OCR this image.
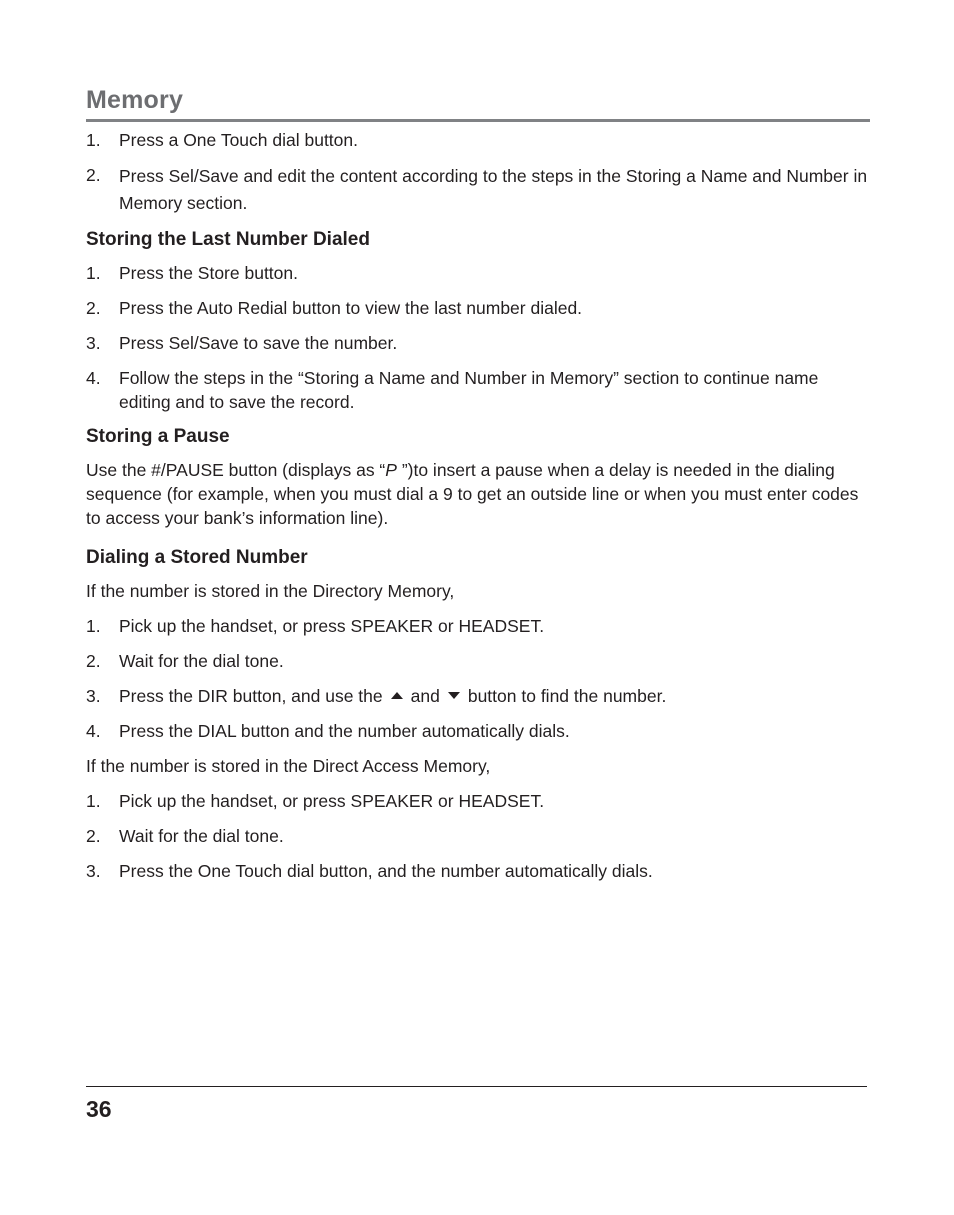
Memory
1.	Press a One Touch dial button.
2.	Press Sel/Save and edit the content according to the steps in the Storing a Name and Number in Memory section.
Storing the Last Number Dialed
1.	Press the Store button.
2.	Press the Auto Redial button to view the last number dialed.
3.	Press Sel/Save to save the number.
4.	Follow the steps in the “Storing a Name and Number in Memory” section to continue name editing and to save the record.
Storing a Pause

Use the #/PAUSE button (displays as “P ”)to insert a pause when a delay is needed in the dialing sequence (for example, when you must dial a 9 to get an outside line or when you must enter codes to access your bank’s information line).

Dialing a Stored Number

If the number is stored in the Directory Memory,

1.	Pick up the handset, or press SPEAKER or HEADSET.
2.	Wait for the dial tone.
3.	Press the DIR button, and use the and button to find the number.
4.	Press the DIAL button and the number automatically dials.

If the number is stored in the Direct Access Memory,

1.	Pick up the handset, or press SPEAKER or HEADSET.
2.	Wait for the dial tone.
3.	Press the One Touch dial button, and the number automatically dials.
36
